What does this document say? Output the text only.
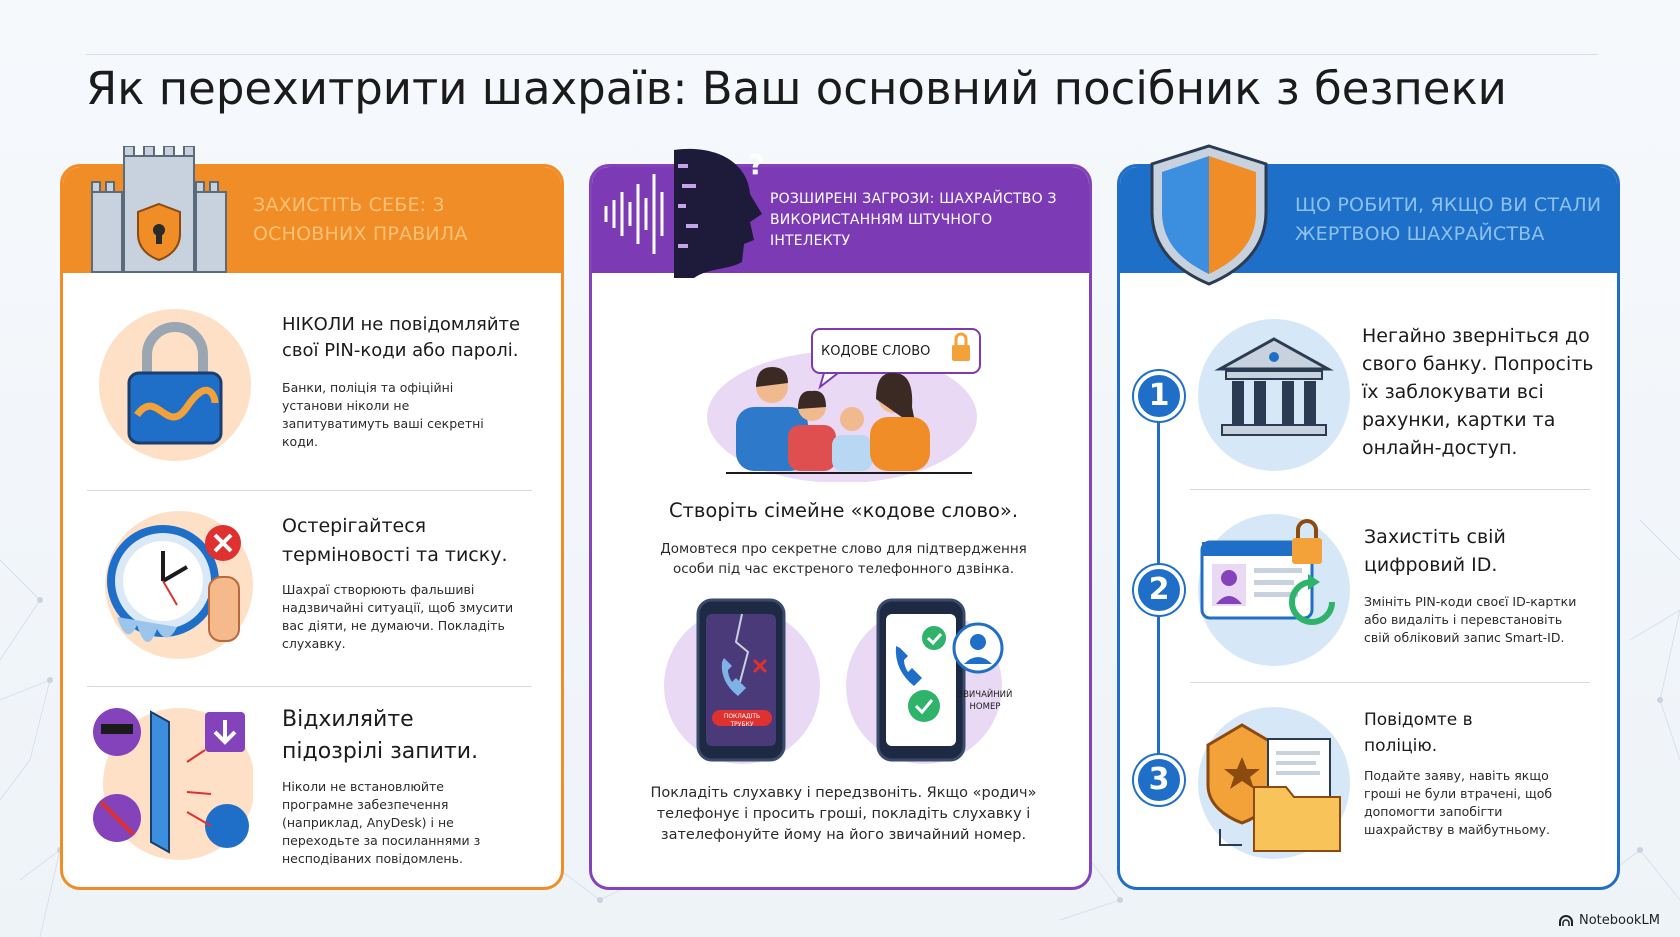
Як перехитрити шахраїв: Ваш основний посібник з безпеки
ЗАХИСТІТЬ СЕБЕ: 3 ОСНОВНИХ ПРАВИЛА
НІКОЛИ не повідомляйте свої PIN-коди або паролі.
Банки, поліція та офіційні установи ніколи не запитуватимуть ваші секретні коди.
Остерігайтеся терміновості та тиску.
Шахраї створюють фальшиві надзвичайні ситуації, щоб змусити вас діяти, не думаючи. Покладіть слухавку.
Відхиляйте підозрілі запити.
Ніколи не встановлюйте програмне забезпечення (наприклад, AnyDesk) і не переходьте за посиланнями з несподіваних повідомлень.
РОЗШИРЕНІ ЗАГРОЗИ: ШАХРАЙСТВО З ВИКОРИСТАННЯМ ШТУЧНОГО ІНТЕЛЕКТУ
КОДОВЕ СЛОВО
Створіть сімейне «кодове слово».
Домовтеся про секретне слово для підтвердження особи під час екстреного телефонного дзвінка.
ПОКЛАДІТЬ ТРУБКУ
ЗВИЧАЙНИЙ НОМЕР
Покладіть слухавку і передзвоніть. Якщо «родич» телефонує і просить гроші, покладіть слухавку і зателефонуйте йому на його звичайний номер.
?
ЩО РОБИТИ, ЯКЩО ВИ СТАЛИ ЖЕРТВОЮ ШАХРАЙСТВА
1
Негайно зверніться до свого банку. Попросіть їх заблокувати всі рахунки, картки та онлайн-доступ.
2
Захистіть свій цифровий ID.
Змініть PIN-коди своєї ID-картки або видаліть і перевстановіть свій обліковий запис Smart-ID.
3
Повідомте в поліцію.
Подайте заяву, навіть якщо гроші не були втрачені, щоб допомогти запобігти шахрайству в майбутньому.
NotebookLM
